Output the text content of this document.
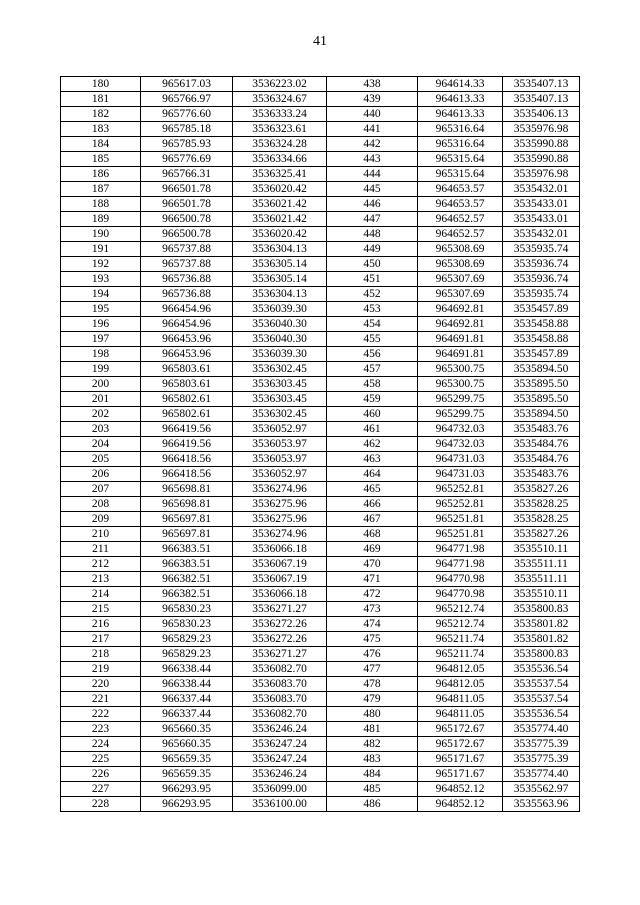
41
180	965617.03	3536223.02	438	964614.33	3535407.13
181	965766.97	3536324.67	439	964613.33	3535407.13
182	965776.60	3536333.24	440	964613.33	3535406.13
183	965785.18	3536323.61	441	965316.64	3535976.98
184	965785.93	3536324.28	442	965316.64	3535990.88
185	965776.69	3536334.66	443	965315.64	3535990.88
186	965766.31	3536325.41	444	965315.64	3535976.98
187	966501.78	3536020.42	445	964653.57	3535432.01
188	966501.78	3536021.42	446	964653.57	3535433.01
189	966500.78	3536021.42	447	964652.57	3535433.01
190	966500.78	3536020.42	448	964652.57	3535432.01
191	965737.88	3536304.13	449	965308.69	3535935.74
192	965737.88	3536305.14	450	965308.69	3535936.74
193	965736.88	3536305.14	451	965307.69	3535936.74
194	965736.88	3536304.13	452	965307.69	3535935.74
195	966454.96	3536039.30	453	964692.81	3535457.89
196	966454.96	3536040.30	454	964692.81	3535458.88
197	966453.96	3536040.30	455	964691.81	3535458.88
198	966453.96	3536039.30	456	964691.81	3535457.89
199	965803.61	3536302.45	457	965300.75	3535894.50
200	965803.61	3536303.45	458	965300.75	3535895.50
201	965802.61	3536303.45	459	965299.75	3535895.50
202	965802.61	3536302.45	460	965299.75	3535894.50
203	966419.56	3536052.97	461	964732.03	3535483.76
204	966419.56	3536053.97	462	964732.03	3535484.76
205	966418.56	3536053.97	463	964731.03	3535484.76
206	966418.56	3536052.97	464	964731.03	3535483.76
207	965698.81	3536274.96	465	965252.81	3535827.26
208	965698.81	3536275.96	466	965252.81	3535828.25
209	965697.81	3536275.96	467	965251.81	3535828.25
210	965697.81	3536274.96	468	965251.81	3535827.26
211	966383.51	3536066.18	469	964771.98	3535510.11
212	966383.51	3536067.19	470	964771.98	3535511.11
213	966382.51	3536067.19	471	964770.98	3535511.11
214	966382.51	3536066.18	472	964770.98	3535510.11
215	965830.23	3536271.27	473	965212.74	3535800.83
216	965830.23	3536272.26	474	965212.74	3535801.82
217	965829.23	3536272.26	475	965211.74	3535801.82
218	965829.23	3536271.27	476	965211.74	3535800.83
219	966338.44	3536082.70	477	964812.05	3535536.54
220	966338.44	3536083.70	478	964812.05	3535537.54
221	966337.44	3536083.70	479	964811.05	3535537.54
222	966337.44	3536082.70	480	964811.05	3535536.54
223	965660.35	3536246.24	481	965172.67	3535774.40
224	965660.35	3536247.24	482	965172.67	3535775.39
225	965659.35	3536247.24	483	965171.67	3535775.39
226	965659.35	3536246.24	484	965171.67	3535774.40
227	966293.95	3536099.00	485	964852.12	3535562.97
228	966293.95	3536100.00	486	964852.12	3535563.96
